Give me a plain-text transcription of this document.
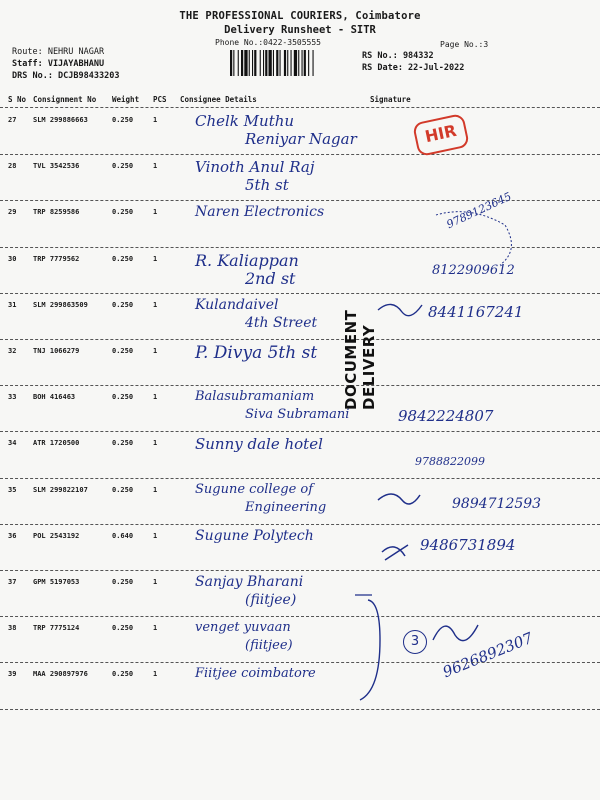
THE PROFESSIONAL COURIERS, Coimbatore
Delivery Runsheet - SITR
Phone No.:0422-3505555	Page No.:3
Route: NEHRU NAGAR
Staff: VIJAYABHANU
DRS No.: DCJB98433203
RS No.: 984332
RS Date: 22-Jul-2022
S No Consignment No Weight PCS Consignee Details	Signature
27 SLM 299886663	0.250	1	Chelk Muthu
Reniyar Nagar
28 TVL 3542536	0.250	1	Vinoth Anul Raj
5th st
29 TRP 8259586	0.250	1	Naren Electronics	9789123645
30 TRP 7779562	0.250	1 R. Kaliappan
2nd st	8122909612
31 SLM 299863509	0.250	1	Kulandaivel
4th Street
8441167241
32 TNJ 1066279	0.250	1 P. Divya 5th st
33 BOH 416463	0.250	1	Balasubramaniam
Siva Subramani	9842224807
34 ATR 1720500	0.250	1	Sunny dale hotel
9788822099
35 SLM 299822107	0.250	1	Sugune college of
Engineering	9894712593
36 POL 2543192	0.640	1	Sugune Polytech	9486731894
37 GPM 5197053	0.250	1	Sanjay Bharani
(fiitjee)
38 TRP 7775124	0.250	1	venget yuvaan
(fiitjee)	9626892307
39 MAA 290897976	0.250	1	Fiitjee coimbatore
DOCUMENT DELIVERY
HIR
3
